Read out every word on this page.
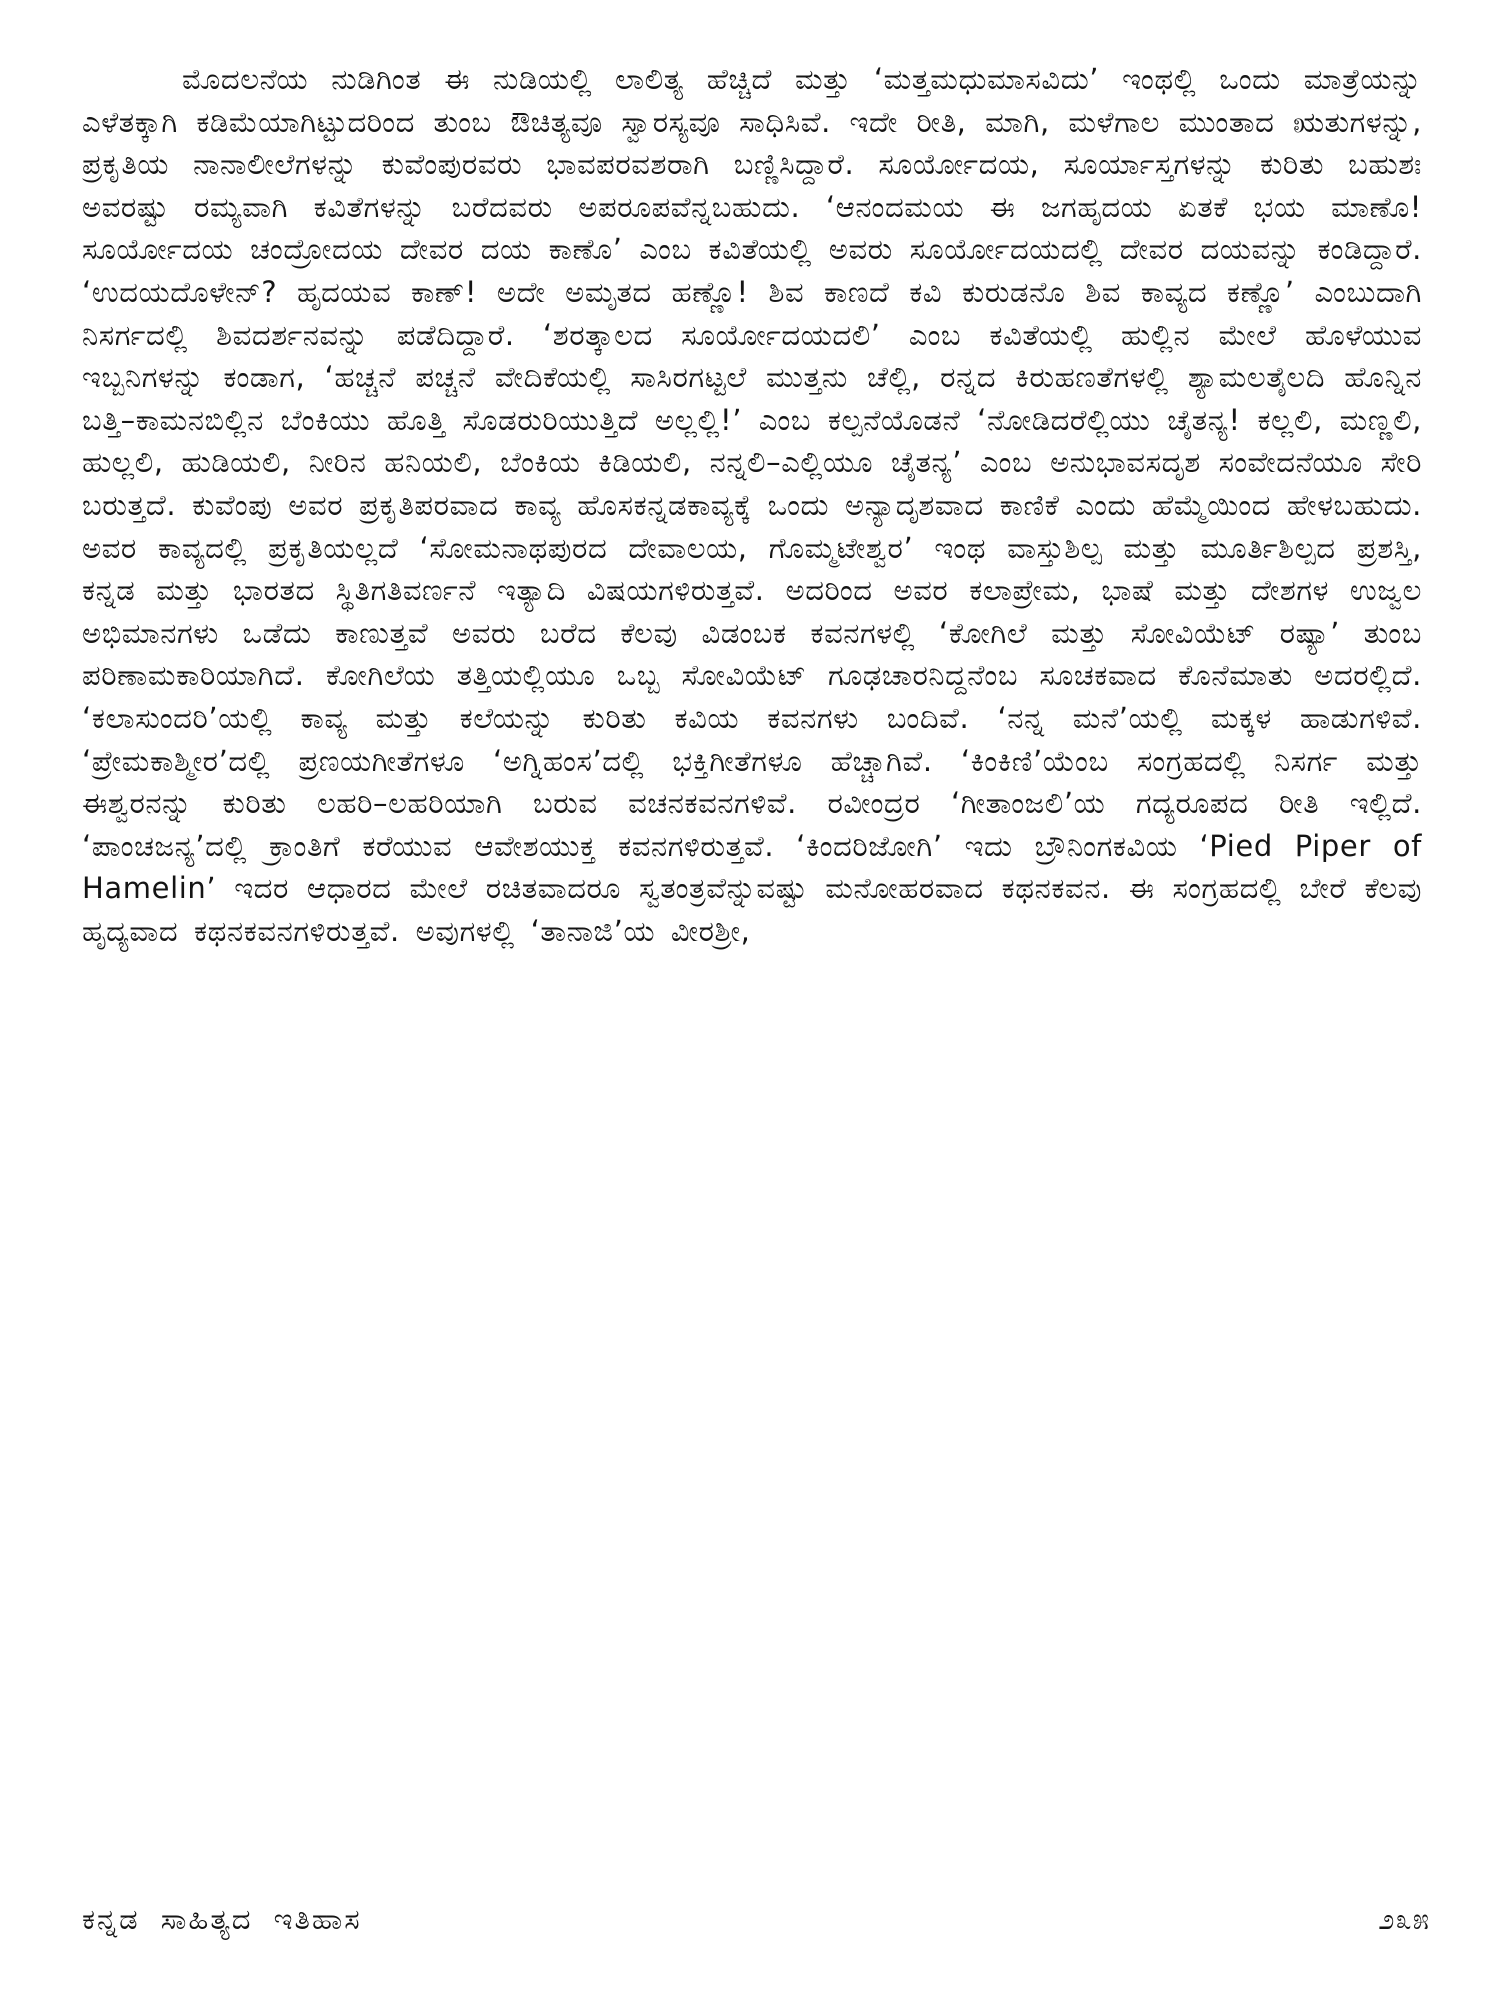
ಮೊದಲನೆಯ ನುಡಿಗಿಂತ ಈ ನುಡಿಯಲ್ಲಿ ಲಾಲಿತ್ಯ ಹೆಚ್ಚಿದೆ ಮತ್ತು ‘ಮತ್ತಮಧುಮಾಸವಿದು’ ಇಂಥಲ್ಲಿ ಒಂದು ಮಾತ್ರೆಯನ್ನು ಎಳೆತಕ್ಕಾಗಿ ಕಡಿಮೆಯಾಗಿಟ್ಟುದರಿಂದ ತುಂಬ ಔಚಿತ್ಯವೂ ಸ್ವಾರಸ್ಯವೂ ಸಾಧಿಸಿವೆ. ಇದೇ ರೀತಿ, ಮಾಗಿ, ಮಳೆಗಾಲ ಮುಂತಾದ ಋತುಗಳನ್ನು, ಪ್ರಕೃತಿಯ ನಾನಾಲೀಲೆಗಳನ್ನು ಕುವೆಂಪುರವರು ಭಾವಪರವಶರಾಗಿ ಬಣ್ಣಿಸಿದ್ದಾರೆ. ಸೂರ್ಯೋದಯ, ಸೂರ್ಯಾಸ್ತಗಳನ್ನು ಕುರಿತು ಬಹುಶಃ ಅವರಷ್ಟು ರಮ್ಯವಾಗಿ ಕವಿತೆಗಳನ್ನು ಬರೆದವರು ಅಪರೂಪವೆನ್ನಬಹುದು. ‘ಆನಂದಮಯ ಈ ಜಗಹೃದಯ ಏತಕೆ ಭಯ ಮಾಣೊ! ಸೂರ್ಯೋದಯ ಚಂದ್ರೋದಯ ದೇವರ ದಯ ಕಾಣೊ’ ಎಂಬ ಕವಿತೆಯಲ್ಲಿ ಅವರು ಸೂರ್ಯೋದಯದಲ್ಲಿ ದೇವರ ದಯವನ್ನು ಕಂಡಿದ್ದಾರೆ. ‘ಉದಯದೊಳೇನ್? ಹೃದಯವ ಕಾಣ್! ಅದೇ ಅಮೃತದ ಹಣ್ಣೊ! ಶಿವ ಕಾಣದೆ ಕವಿ ಕುರುಡನೊ ಶಿವ ಕಾವ್ಯದ ಕಣ್ಣೊ’ ಎಂಬುದಾಗಿ ನಿಸರ್ಗದಲ್ಲಿ ಶಿವದರ್ಶನವನ್ನು ಪಡೆದಿದ್ದಾರೆ. ‘ಶರತ್ಕಾಲದ ಸೂರ್ಯೋದಯದಲಿ’ ಎಂಬ ಕವಿತೆಯಲ್ಲಿ ಹುಲ್ಲಿನ ಮೇಲೆ ಹೊಳೆಯುವ ಇಬ್ಬನಿಗಳನ್ನು ಕಂಡಾಗ, ‘ಹಚ್ಚನೆ ಪಚ್ಚನೆ ವೇದಿಕೆಯಲ್ಲಿ ಸಾಸಿರಗಟ್ಟಲೆ ಮುತ್ತನು ಚೆಲ್ಲಿ, ರನ್ನದ ಕಿರುಹಣತೆಗಳಲ್ಲಿ ಶ್ಯಾಮಲತೈಲದಿ ಹೊನ್ನಿನ ಬತ್ತಿ–ಕಾಮನಬಿಲ್ಲಿನ ಬೆಂಕಿಯು ಹೊತ್ತಿ ಸೊಡರುರಿಯುತ್ತಿದೆ ಅಲ್ಲಲ್ಲಿ!’ ಎಂಬ ಕಲ್ಪನೆಯೊಡನೆ ‘ನೋಡಿದರೆಲ್ಲಿಯು ಚೈತನ್ಯ! ಕಲ್ಲಲಿ, ಮಣ್ಣಲಿ, ಹುಲ್ಲಲಿ, ಹುಡಿಯಲಿ, ನೀರಿನ ಹನಿಯಲಿ, ಬೆಂಕಿಯ ಕಿಡಿಯಲಿ, ನನ್ನಲಿ–ಎಲ್ಲಿಯೂ ಚೈತನ್ಯ’ ಎಂಬ ಅನುಭಾವಸದೃಶ ಸಂವೇದನೆಯೂ ಸೇರಿ ಬರುತ್ತದೆ. ಕುವೆಂಪು ಅವರ ಪ್ರಕೃತಿಪರವಾದ ಕಾವ್ಯ ಹೊಸಕನ್ನಡಕಾವ್ಯಕ್ಕೆ ಒಂದು ಅನ್ಯಾದೃಶವಾದ ಕಾಣಿಕೆ ಎಂದು ಹೆಮ್ಮೆಯಿಂದ ಹೇಳಬಹುದು. ಅವರ ಕಾವ್ಯದಲ್ಲಿ ಪ್ರಕೃತಿಯಲ್ಲದೆ ‘ಸೋಮನಾಥಪುರದ ದೇವಾಲಯ, ಗೊಮ್ಮಟೇಶ್ವರ’ ಇಂಥ ವಾಸ್ತುಶಿಲ್ಪ ಮತ್ತು ಮೂರ್ತಿಶಿಲ್ಪದ ಪ್ರಶಸ್ತಿ, ಕನ್ನಡ ಮತ್ತು ಭಾರತದ ಸ್ಥಿತಿಗತಿವರ್ಣನೆ ಇತ್ಯಾದಿ ವಿಷಯಗಳಿರುತ್ತವೆ. ಅದರಿಂದ ಅವರ ಕಲಾಪ್ರೇಮ, ಭಾಷೆ ಮತ್ತು ದೇಶಗಳ ಉಜ್ವಲ ಅಭಿಮಾನಗಳು ಒಡೆದು ಕಾಣುತ್ತವೆ ಅವರು ಬರೆದ ಕೆಲವು ವಿಡಂಬಕ ಕವನಗಳಲ್ಲಿ ‘ಕೋಗಿಲೆ ಮತ್ತು ಸೋವಿಯೆಟ್ ರಷ್ಯಾ’ ತುಂಬ ಪರಿಣಾಮಕಾರಿಯಾಗಿದೆ. ಕೋಗಿಲೆಯ ತತ್ತಿಯಲ್ಲಿಯೂ ಒಬ್ಬ ಸೋವಿಯೆಟ್ ಗೂಢಚಾರನಿದ್ದನೆಂಬ ಸೂಚಕವಾದ ಕೊನೆಮಾತು ಅದರಲ್ಲಿದೆ. ‘ಕಲಾಸುಂದರಿ’ಯಲ್ಲಿ ಕಾವ್ಯ ಮತ್ತು ಕಲೆಯನ್ನು ಕುರಿತು ಕವಿಯ ಕವನಗಳು ಬಂದಿವೆ. ‘ನನ್ನ ಮನೆ’ಯಲ್ಲಿ ಮಕ್ಕಳ ಹಾಡುಗಳಿವೆ. ‘ಪ್ರೇಮಕಾಶ್ಮೀರ’ದಲ್ಲಿ ಪ್ರಣಯಗೀತೆಗಳೂ ‘ಅಗ್ನಿಹಂಸ’ದಲ್ಲಿ ಭಕ್ತಿಗೀತೆಗಳೂ ಹೆಚ್ಚಾಗಿವೆ. ‘ಕಿಂಕಿಣಿ’ಯೆಂಬ ಸಂಗ್ರಹದಲ್ಲಿ ನಿಸರ್ಗ ಮತ್ತು ಈಶ್ವರನನ್ನು ಕುರಿತು ಲಹರಿ–ಲಹರಿಯಾಗಿ ಬರುವ ವಚನಕವನಗಳಿವೆ. ರವೀಂದ್ರರ ‘ಗೀತಾಂಜಲಿ’ಯ ಗದ್ಯರೂಪದ ರೀತಿ ಇಲ್ಲಿದೆ. ‘ಪಾಂಚಜನ್ಯ’ದಲ್ಲಿ ಕ್ರಾಂತಿಗೆ ಕರೆಯುವ ಆವೇಶಯುಕ್ತ ಕವನಗಳಿರುತ್ತವೆ. ‘ಕಿಂದರಿಜೋಗಿ’ ಇದು ಬ್ರೌನಿಂಗಕವಿಯ ‘Pied Piper of Hamelin’ ಇದರ ಆಧಾರದ ಮೇಲೆ ರಚಿತವಾದರೂ ಸ್ವತಂತ್ರವೆನ್ನುವಷ್ಟು ಮನೋಹರವಾದ ಕಥನಕವನ. ಈ ಸಂಗ್ರಹದಲ್ಲಿ ಬೇರೆ ಕೆಲವು ಹೃದ್ಯವಾದ ಕಥನಕವನಗಳಿರುತ್ತವೆ. ಅವುಗಳಲ್ಲಿ ‘ತಾನಾಜಿ’ಯ ವೀರಶ್ರೀ,

ಕನ್ನಡ ಸಾಹಿತ್ಯದ ಇತಿಹಾಸ	೨೩೫
